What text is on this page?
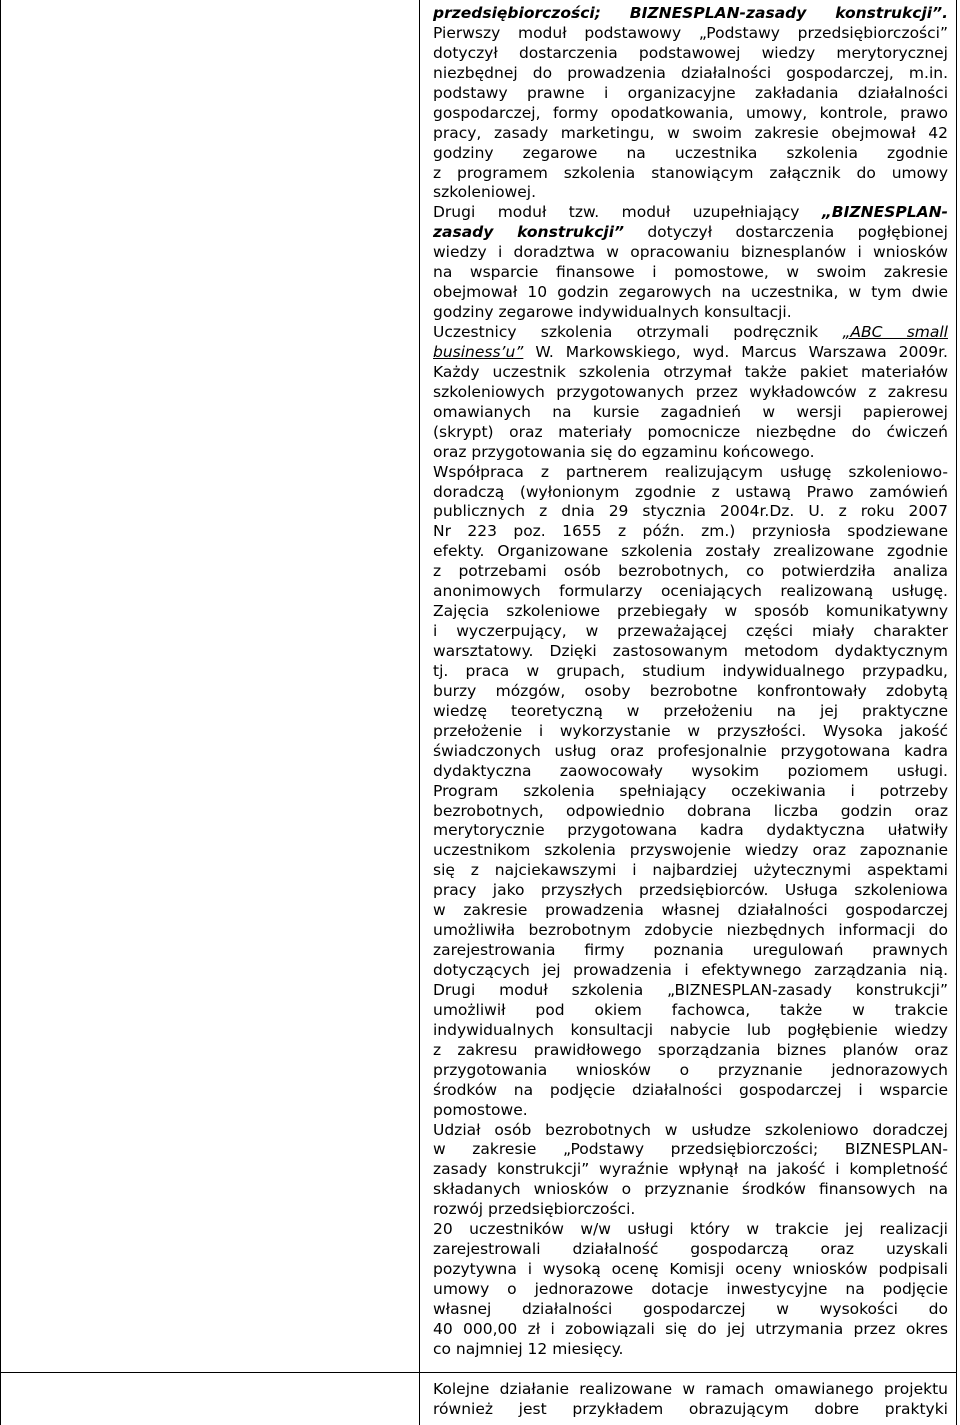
przedsiębiorczości; BIZNESPLAN-zasady konstrukcji”.
Pierwszy moduł podstawowy „Podstawy przedsiębiorczości”
dotyczył dostarczenia podstawowej wiedzy merytorycznej
niezbędnej do prowadzenia działalności gospodarczej, m.in.
podstawy prawne i organizacyjne zakładania działalności
gospodarczej, formy opodatkowania, umowy, kontrole, prawo
pracy, zasady marketingu, w swoim zakresie obejmował 42
godziny zegarowe na uczestnika szkolenia zgodnie
z programem szkolenia stanowiącym załącznik do umowy
szkoleniowej.
Drugi moduł tzw. moduł uzupełniający „BIZNESPLAN-
zasady konstrukcji” dotyczył dostarczenia pogłębionej
wiedzy i doradztwa w opracowaniu biznesplanów i wniosków
na wsparcie finansowe i pomostowe, w swoim zakresie
obejmował 10 godzin zegarowych na uczestnika, w tym dwie
godziny zegarowe indywidualnych konsultacji.
Uczestnicy szkolenia otrzymali podręcznik „ABC small
business’u” W. Markowskiego, wyd. Marcus Warszawa 2009r.
Każdy uczestnik szkolenia otrzymał także pakiet materiałów
szkoleniowych przygotowanych przez wykładowców z zakresu
omawianych na kursie zagadnień w wersji papierowej
(skrypt) oraz materiały pomocnicze niezbędne do ćwiczeń
oraz przygotowania się do egzaminu końcowego.
Współpraca z partnerem realizującym usługę szkoleniowo-
doradczą (wyłonionym zgodnie z ustawą Prawo zamówień
publicznych z dnia 29 stycznia 2004r.Dz. U. z roku 2007
Nr 223 poz. 1655 z późn. zm.) przyniosła spodziewane
efekty. Organizowane szkolenia zostały zrealizowane zgodnie
z potrzebami osób bezrobotnych, co potwierdziła analiza
anonimowych formularzy oceniających realizowaną usługę.
Zajęcia szkoleniowe przebiegały w sposób komunikatywny
i wyczerpujący, w przeważającej części miały charakter
warsztatowy. Dzięki zastosowanym metodom dydaktycznym
tj. praca w grupach, studium indywidualnego przypadku,
burzy mózgów, osoby bezrobotne konfrontowały zdobytą
wiedzę teoretyczną w przełożeniu na jej praktyczne
przełożenie i wykorzystanie w przyszłości. Wysoka jakość
świadczonych usług oraz profesjonalnie przygotowana kadra
dydaktyczna zaowocowały wysokim poziomem usługi.
Program szkolenia spełniający oczekiwania i potrzeby
bezrobotnych, odpowiednio dobrana liczba godzin oraz
merytorycznie przygotowana kadra dydaktyczna ułatwiły
uczestnikom szkolenia przyswojenie wiedzy oraz zapoznanie
się z najciekawszymi i najbardziej użytecznymi aspektami
pracy jako przyszłych przedsiębiorców. Usługa szkoleniowa
w zakresie prowadzenia własnej działalności gospodarczej
umożliwiła bezrobotnym zdobycie niezbędnych informacji do
zarejestrowania firmy poznania uregulowań prawnych
dotyczących jej prowadzenia i efektywnego zarządzania nią.
Drugi moduł szkolenia „BIZNESPLAN-zasady konstrukcji”
umożliwił pod okiem fachowca, także w trakcie
indywidualnych konsultacji nabycie lub pogłębienie wiedzy
z zakresu prawidłowego sporządzania biznes planów oraz
przygotowania wniosków o przyznanie jednorazowych
środków na podjęcie działalności gospodarczej i wsparcie
pomostowe.
Udział osób bezrobotnych w usłudze szkoleniowo doradczej
w zakresie „Podstawy przedsiębiorczości; BIZNESPLAN-
zasady konstrukcji” wyraźnie wpłynął na jakość i kompletność
składanych wniosków o przyznanie środków finansowych na
rozwój przedsiębiorczości.
20 uczestników w/w usługi który w trakcie jej realizacji
zarejestrowali działalność gospodarczą oraz uzyskali
pozytywna i wysoką ocenę Komisji oceny wniosków podpisali
umowy o jednorazowe dotacje inwestycyjne na podjęcie
własnej działalności gospodarczej w wysokości do
40 000,00 zł i zobowiązali się do jej utrzymania przez okres
co najmniej 12 miesięcy.
Kolejne działanie realizowane w ramach omawianego projektu
również jest przykładem obrazującym dobre praktyki
